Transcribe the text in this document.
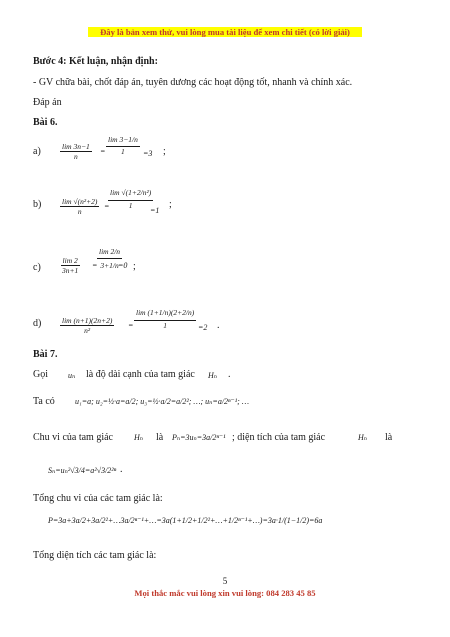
Đây là bản xem thử, vui lòng mua tài liệu để xem chi tiết (có lời giải)
Bước 4: Kết luận, nhận định:
- GV chữa bài, chốt đáp án, tuyên dương các hoạt động tốt, nhanh và chính xác.
Đáp án
Bài 6.
a)	$\frac{\lim 3n-1}{n} = \frac{\lim 3-1/n}{1} =3$ ;
$b) \frac{\text{lim √(n²+2)}}{n}$ =
$\frac{\text{lim √(1+2/n²)}}{1}$
=1
;
c)	$\frac{\lim 2}{3n+1} = \frac{\lim 2/n}{3+1/n}$
=0 ;
$d) \frac{\lim (n+1)(2n+2)}{\text{n²}} = \frac{\lim (1+1/n)(2+2/n)}{1} =2$ .
Bài 7.
Gọi	uₙ là độ dài cạnh của tam giác Hₙ .
Ta có	u₁=a; u₂=½·a=a/2; u₃=½·a/2=a/2²; …; uₙ=a/2ⁿ⁻¹; …
Chu vi của tam giác	Hₙ là Pₙ=3uₙ=3a/2ⁿ⁻¹ ; diện tích của tam giác	Hₙ là
Sₙ=uₙ²√3/4=a²√3/2²ⁿ .
Tổng chu vi của các tam giác là:
P=3a+3a/2+3a/2²+…3a/2ⁿ⁻¹+…=3a(1+1/2+1/2²+…+1/2ⁿ⁻¹+…)=3a·1/(1−1/2)=6a
Tổng diện tích các tam giác là:
5
Mọi thắc mắc vui lòng xin vui lòng: 084 283 45 85
